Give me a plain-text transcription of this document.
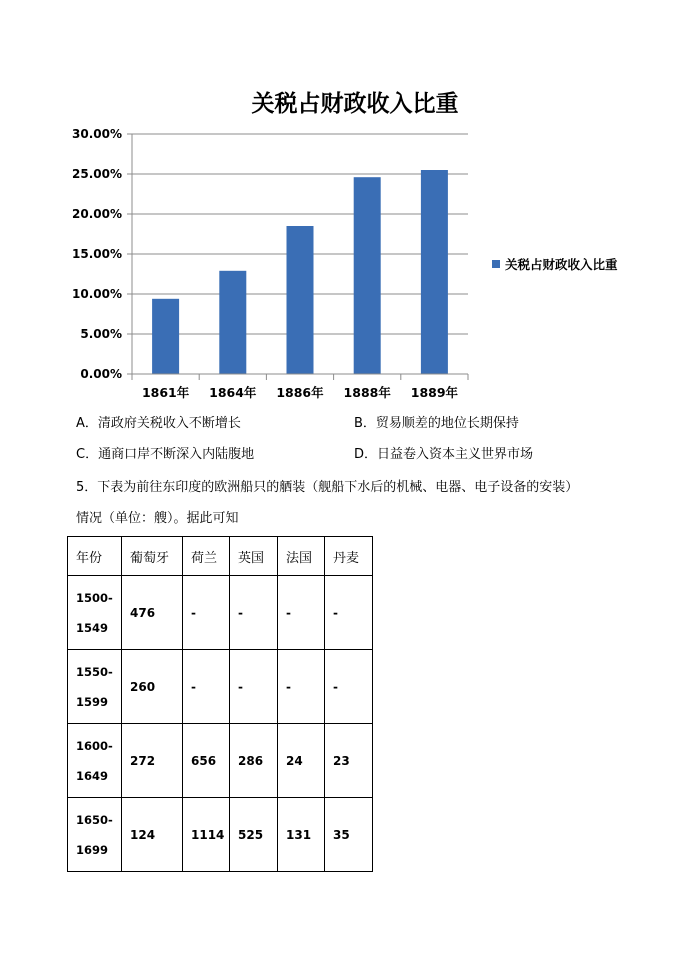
关税占财政收入比重
0.00%
5.00%
10.00%
15.00%
20.00%
25.00%
30.00%
1861年 1864年 1886年 1888年 1889年
关税占财政收入比重
A．清政府关税收入不断增长	B．贸易顺差的地位长期保持
C．通商口岸不断深入内陆腹地	D．日益卷入资本主义世界市场
5．下表为前往东印度的欧洲船只的舾装（舰船下水后的机械、电器、电子设备的安装）
情况（单位：艘）。据此可知
年份	葡萄牙	荷兰	英国	法国	丹麦

1500-
1549	476	-	-	-	-

1550-
1599	260	-	-	-	-

1600-
1649	272	656	286	24	23

1650-
1699	124	1114	525	131	35
